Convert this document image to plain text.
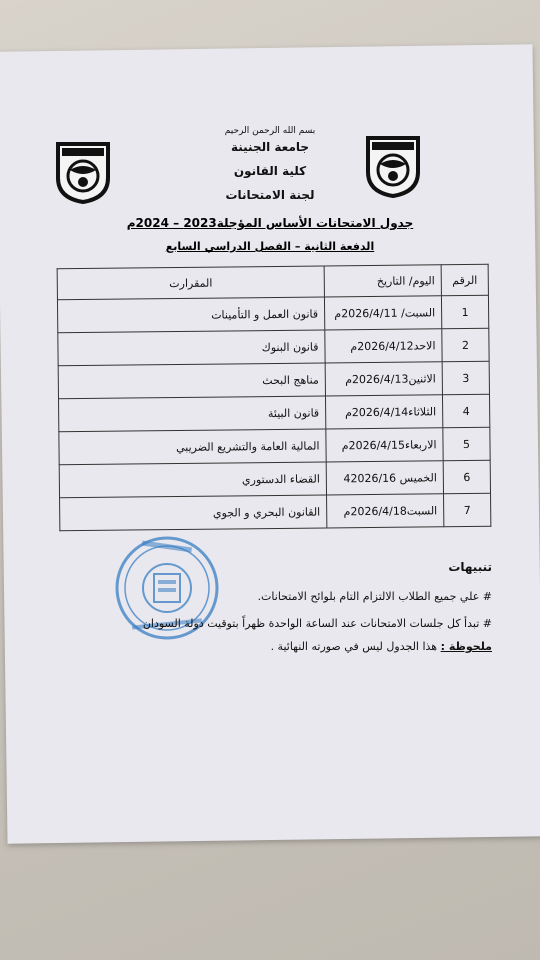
بسم الله الرحمن الرحيم
جامعة الجنينة
كلية القانون
لجنة الامتحانات
جدول الامتحانات الأساس المؤجلة2023 – 2024م
الدفعة الثانية – الفصل الدراسي السابع
الرقم	اليوم/ التاريخ	المقرارت
1	السبت/ 2026/4/11م	قانون العمل و التأمينات
2	الاحد2026/4/12م	قانون البنوك
3	الاثنين2026/4/13م	مناهج البحث
4	الثلاثاء2026/4/14م	قانون البيئة
5	الاربعاء2026/4/15م	المالية العامة والتشريع الضريبي
6	الخميس 42026/16	القضاء الدستوري
7	السبت2026/4/18م	القانون البحري و الجوي
تنبيهات
# علي جميع الطلاب الالتزام التام بلوائح الامتحانات.
# تبدأ كل جلسات الامتحانات عند الساعة الواحدة ظهراً بتوقيت دولة السودان
ملحوظة : هذا الجدول ليس في صورته النهائية .
